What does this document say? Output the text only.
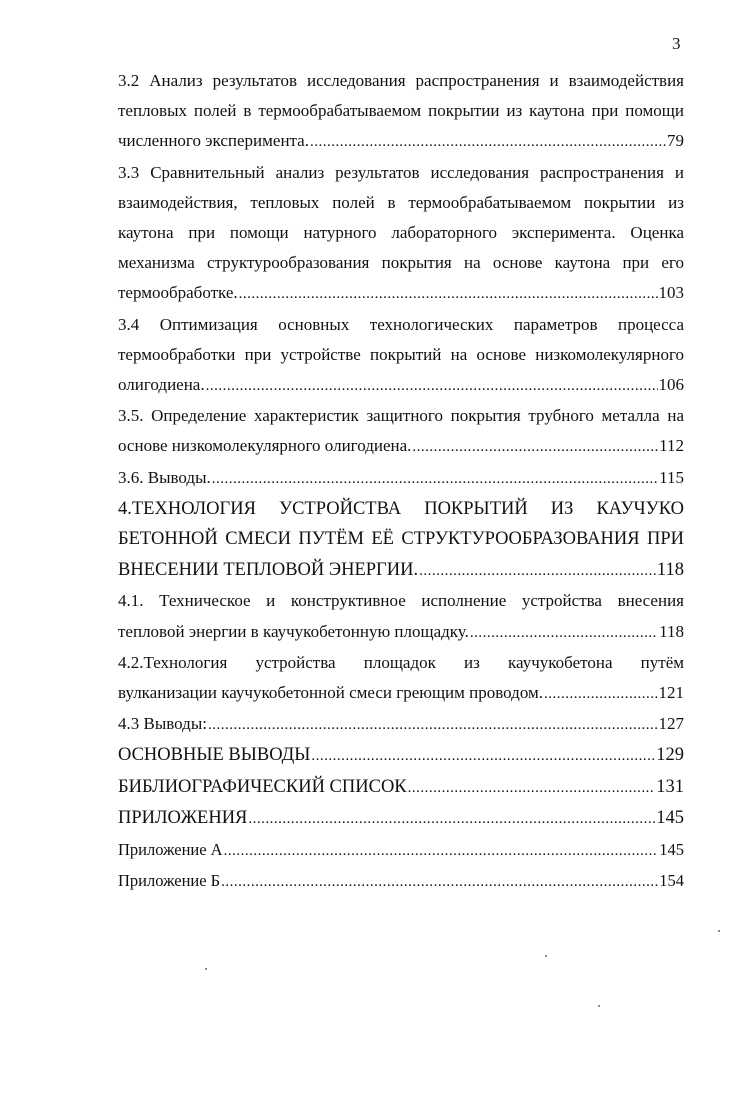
3
3.2 Анализ результатов исследования распространения и взаимодействия
тепловых полей в термообрабатываемом покрытии из каутона при помощи
численного эксперимента. .....	79
3.3 Сравнительный анализ результатов исследования распространения и
взаимодействия, тепловых полей в термообрабатываемом покрытии из
каутона при помощи натурного лабораторного эксперимента. Оценка
механизма структурообразования покрытия на основе каутона при его
термообработке. .....	103
3.4 Оптимизация основных технологических параметров процесса
термообработки при устройстве покрытий на основе низкомолекулярного
олигодиена. .....	106
3.5. Определение характеристик защитного покрытия трубного металла на
основе низкомолекулярного олигодиена. .....	112
3.6. Выводы. .....	115
4.ТЕХНОЛОГИЯ УСТРОЙСТВА ПОКРЫТИЙ ИЗ КАУЧУКО
БЕТОННОЙ СМЕСИ ПУТЁМ ЕЁ СТРУКТУРООБРАЗОВАНИЯ ПРИ
ВНЕСЕНИИ ТЕПЛОВОЙ ЭНЕРГИИ. .....	118
4.1. Техническое и конструктивное исполнение устройства внесения
тепловой энергии в каучукобетонную площадку. .....	118
4.2.Технология устройства площадок из каучукобетона путём
вулканизации каучукобетонной смеси греющим проводом. .....	121
4.3 Выводы: .....	127
ОСНОВНЫЕ ВЫВОДЫ .....	129
БИБЛИОГРАФИЧЕСКИЙ СПИСОК .....	131
ПРИЛОЖЕНИЯ .....	145
Приложение А .....	145
Приложение Б .....	154
